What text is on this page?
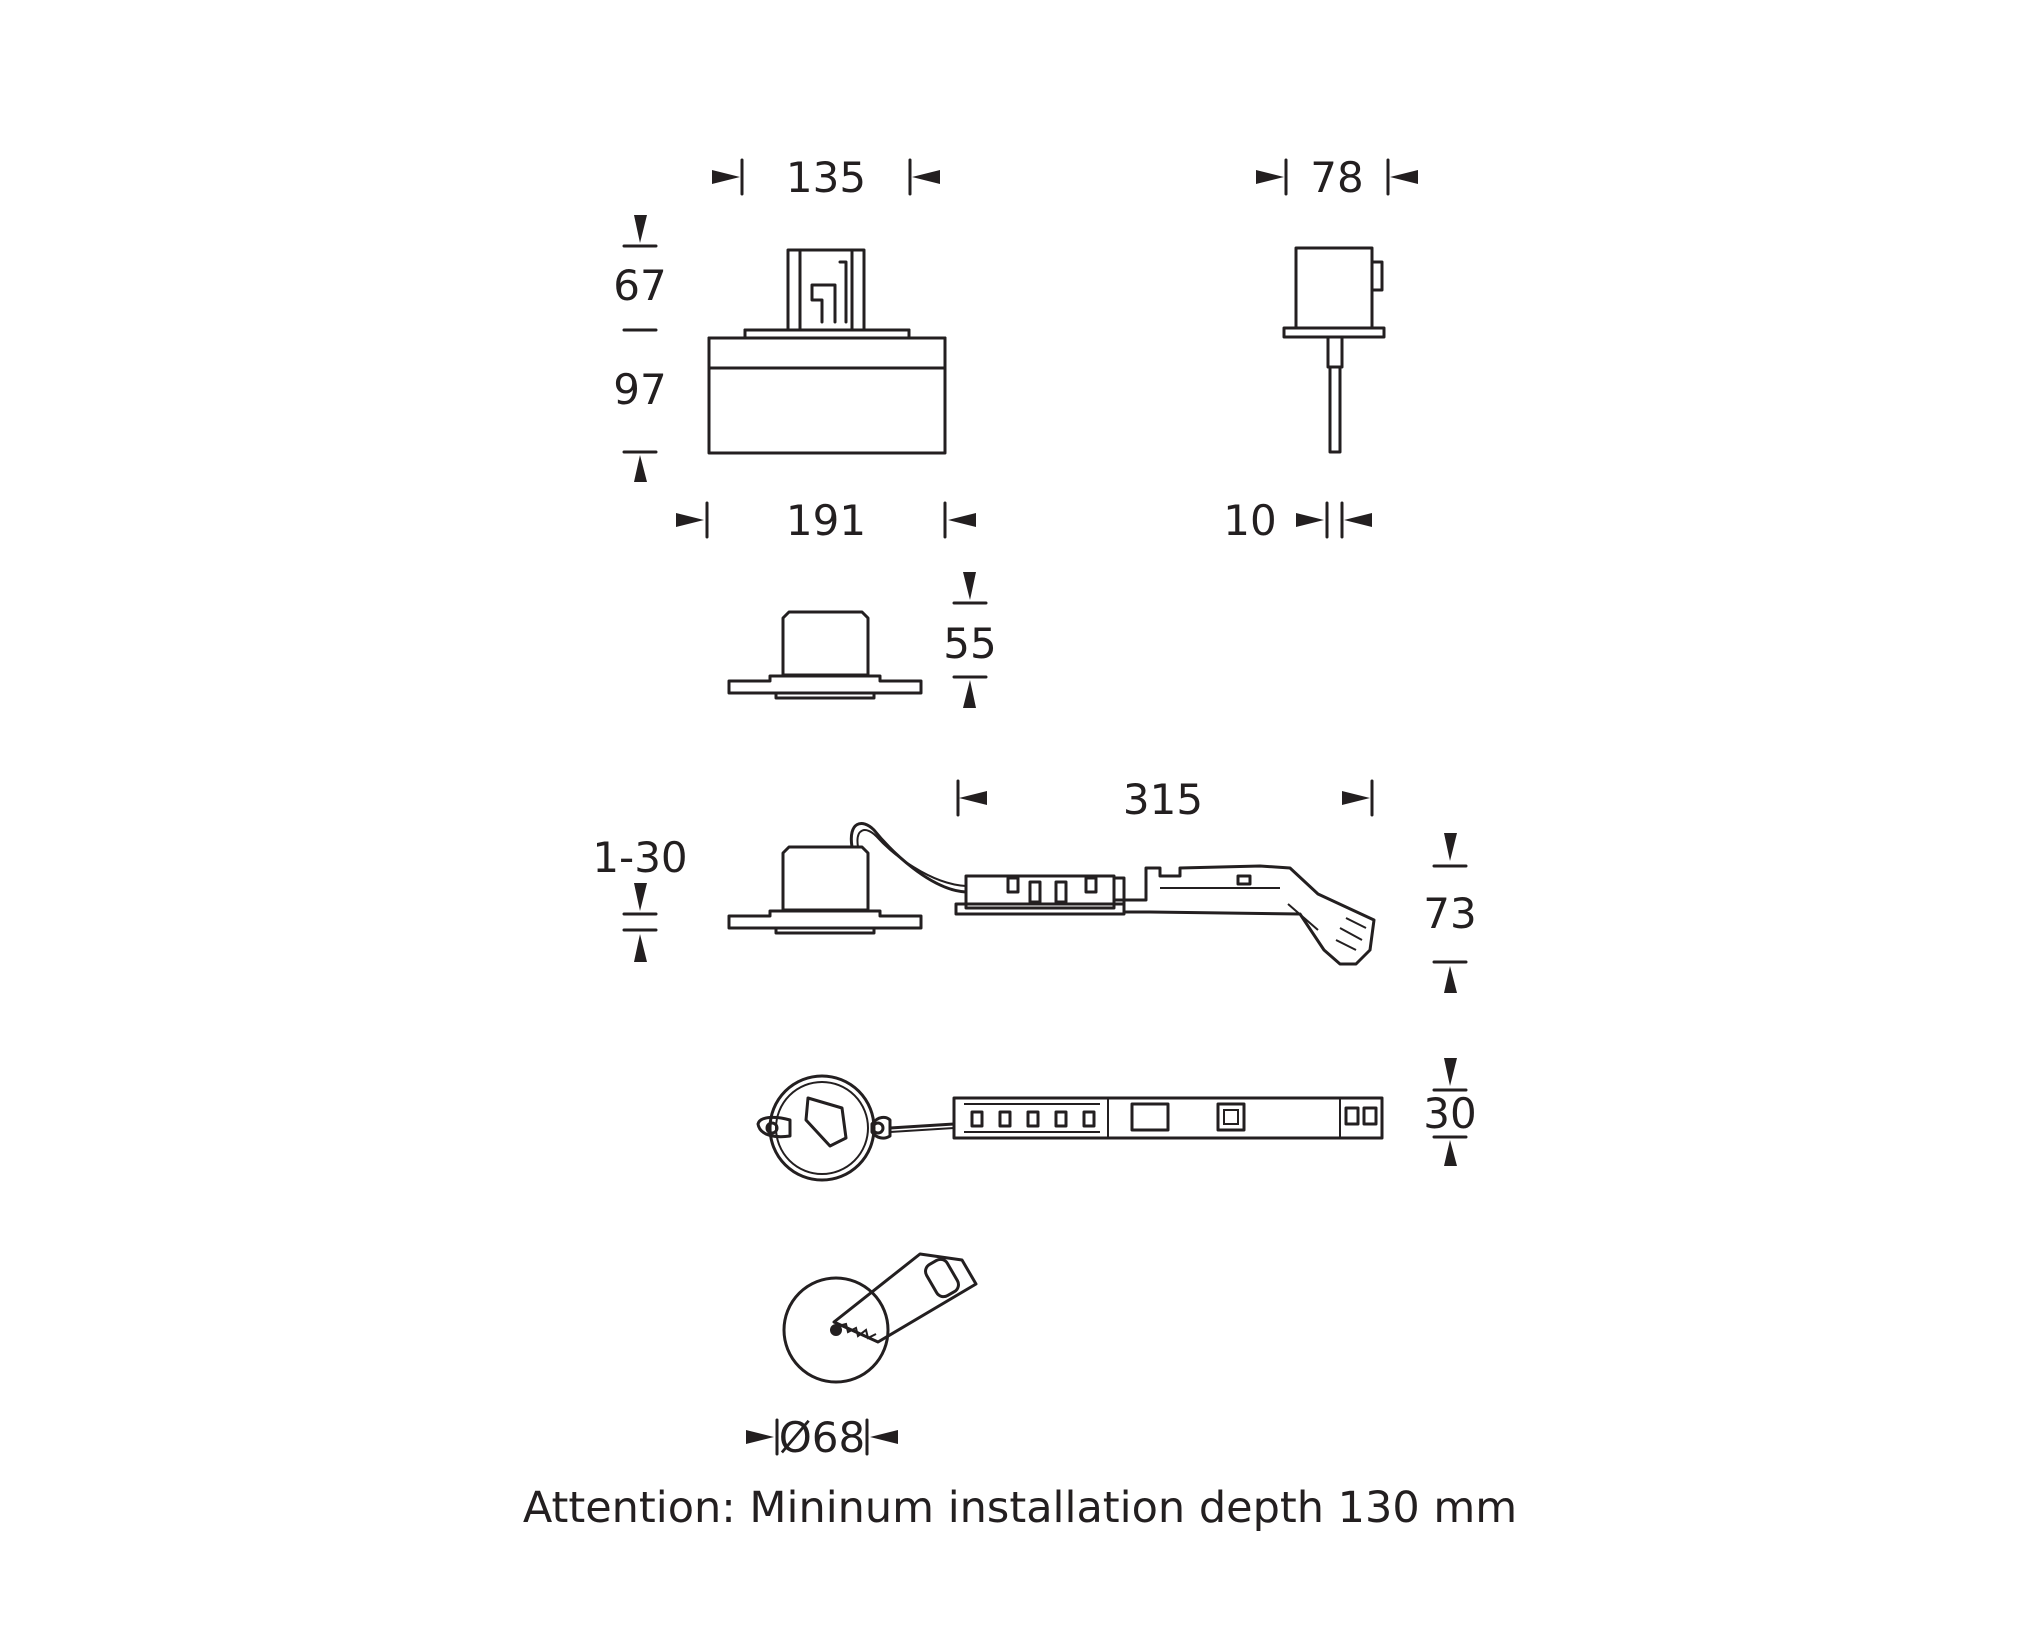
135
67
97
191
78
10
55
315
1-30
73
30
Ø68
Attention: Mininum installation depth 130 mm
